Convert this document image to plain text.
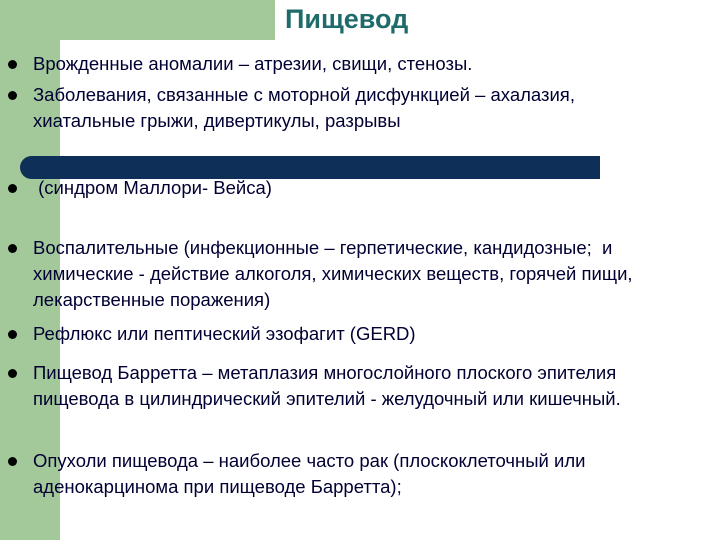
Пищевод
Врожденные аномалии – атрезии, свищи, стенозы.
Заболевания, связанные с моторной дисфункцией – ахалазия, хиатальные грыжи, дивертикулы, разрывы
(синдром Маллори- Вейса)
Воспалительные (инфекционные – герпетические, кандидозные;  и химические - действие алкоголя, химических веществ, горячей пищи, лекарственные поражения)
Рефлюкс или пептический эзофагит (GERD)
Пищевод Барретта – метаплазия многослойного плоского эпителия пищевода в цилиндрический эпителий - желудочный или кишечный.
Опухоли пищевода – наиболее часто рак (плоскоклеточный или аденокарцинома при пищеводе Барретта);
